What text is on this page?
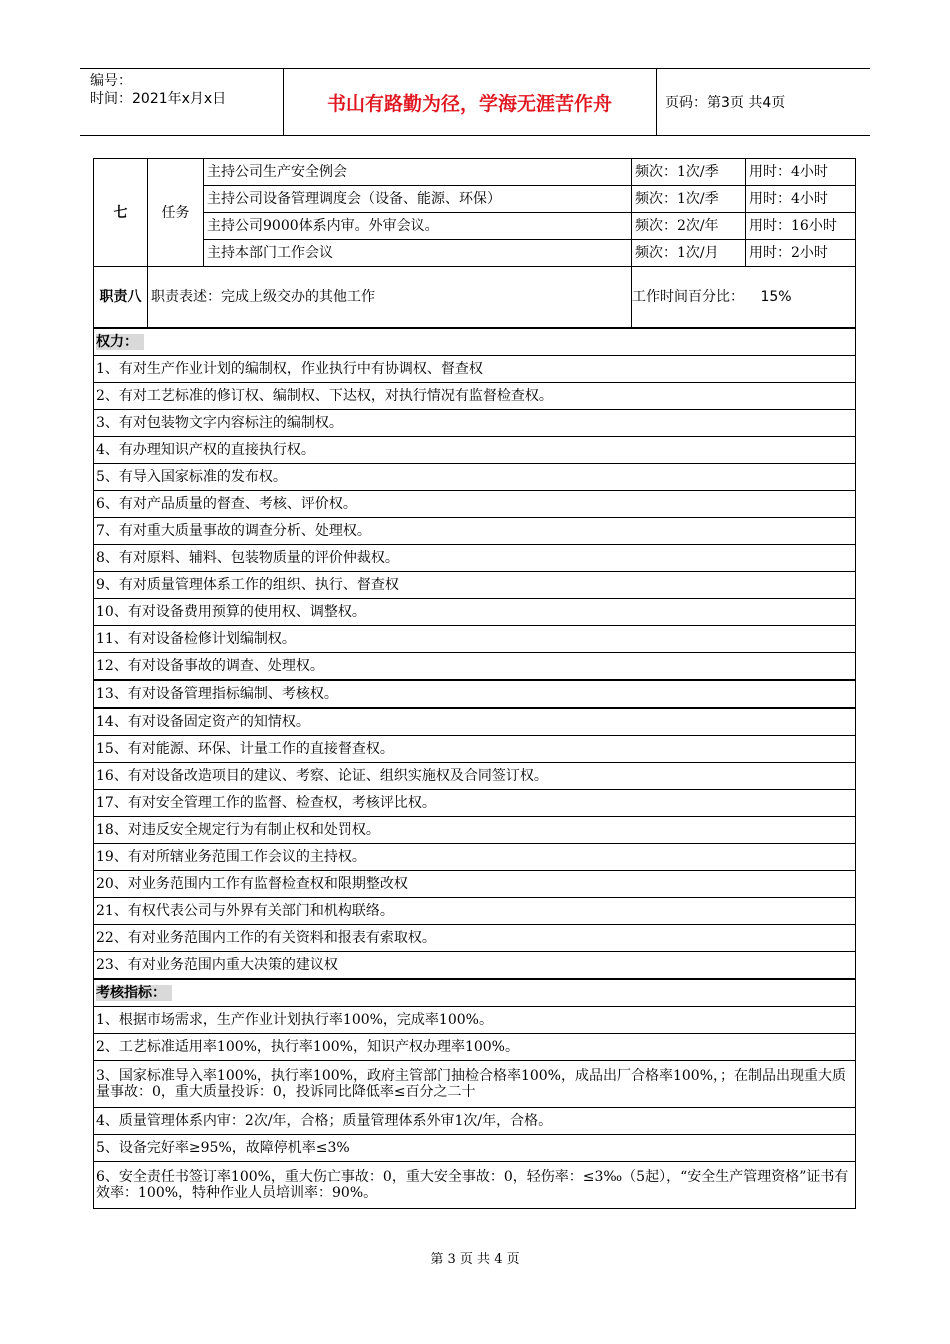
编号：
时间：2021年x月x日	书山有路勤为径，学海无涯苦作舟	页码：第3页 共4页
七	任务	主持公司生产安全例会	频次：1次/季	用时：4小时
		主持公司设备管理调度会（设备、能源、环保）	频次：1次/季	用时：4小时
		主持公司9000体系内审。外审会议。	频次：2次/年	用时：16小时
		主持本部门工作会议	频次：1次/月	用时：2小时
职责八	职责表述：完成上级交办的其他工作		工作时间百分比： 15%	

权力：				
1、有对生产作业计划的编制权，作业执行中有协调权、督查权				
2、有对工艺标准的修订权、编制权、下达权，对执行情况有监督检查权。				
3、有对包装物文字内容标注的编制权。				
4、有办理知识产权的直接执行权。				
5、有导入国家标准的发布权。				
6、有对产品质量的督查、考核、评价权。				
7、有对重大质量事故的调查分析、处理权。				
8、有对原料、辅料、包装物质量的评价仲裁权。				
9、有对质量管理体系工作的组织、执行、督查权				
10、有对设备费用预算的使用权、调整权。				
11、有对设备检修计划编制权。				
12、有对设备事故的调查、处理权。				
13、有对设备管理指标编制、考核权。				
14、有对设备固定资产的知情权。				
15、有对能源、环保、计量工作的直接督查权。				
16、有对设备改造项目的建议、考察、论证、组织实施权及合同签订权。				
17、有对安全管理工作的监督、检查权，考核评比权。				
18、对违反安全规定行为有制止权和处罚权。				
19、有对所辖业务范围工作会议的主持权。				
20、对业务范围内工作有监督检查权和限期整改权				
21、有权代表公司与外界有关部门和机构联络。				
22、有对业务范围内工作的有关资料和报表有索取权。				
23、有对业务范围内重大决策的建议权				
考核指标：				
1、根据市场需求，生产作业计划执行率100%，完成率100%。				
2、工艺标准适用率100%，执行率100%，知识产权办理率100%。				
3、国家标准导入率100%，执行率100%，政府主管部门抽检合格率100%，成品出厂合格率100%，；在制品出现重大质量事故：0，重大质量投诉：0，投诉同比降低率≤百分之二十				
4、质量管理体系内审：2次/年，合格；质量管理体系外审1次/年，合格。				
5、设备完好率≥95%，故障停机率≤3%				
6、安全责任书签订率100%，重大伤亡事故：0，重大安全事故：0，轻伤率：≤3‰（5起），“安全生产管理资格”证书有效率：100%，特种作业人员培训率：90%。				
第 3 页 共 4 页
